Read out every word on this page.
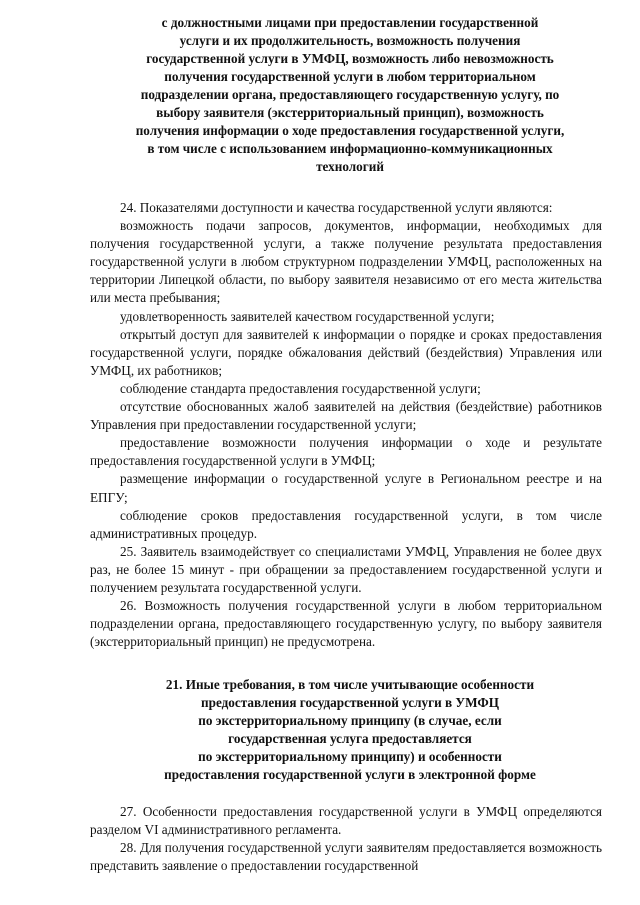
с должностными лицами при предоставлении государственной
услуги и их продолжительность, возможность получения
государственной услуги в УМФЦ, возможность либо невозможность
получения государственной услуги в любом территориальном
подразделении органа, предоставляющего государственную услугу, по
выбору заявителя (экстерриториальный принцип), возможность
получения информации о ходе предоставления государственной услуги,
в том числе с использованием информационно-коммуникационных
технологий

24. Показателями доступности и качества государственной услуги являются:

возможность подачи запросов, документов, информации, необходимых для получения государственной услуги, а также получение результата предоставления государственной услуги в любом структурном подразделении УМФЦ, расположенных на территории Липецкой области, по выбору заявителя независимо от его места жительства или места пребывания;

удовлетворенность заявителей качеством государственной услуги;

открытый доступ для заявителей к информации о порядке и сроках предоставления государственной услуги, порядке обжалования действий (бездействия) Управления или УМФЦ, их работников;

соблюдение стандарта предоставления государственной услуги;

отсутствие обоснованных жалоб заявителей на действия (бездействие) работников Управления при предоставлении государственной услуги;

предоставление возможности получения информации о ходе и результате предоставления государственной услуги в УМФЦ;

размещение информации о государственной услуге в Региональном реестре и на ЕПГУ;

соблюдение сроков предоставления государственной услуги, в том числе административных процедур.

25. Заявитель взаимодействует со специалистами УМФЦ, Управления не более двух раз, не более 15 минут - при обращении за предоставлением государственной услуги и получением результата государственной услуги.

26. Возможность получения государственной услуги в любом территориальном подразделении органа, предоставляющего государственную услугу, по выбору заявителя (экстерриториальный принцип) не предусмотрена.

21. Иные требования, в том числе учитывающие особенности
предоставления государственной услуги в УМФЦ
по экстерриториальному принципу (в случае, если
государственная услуга предоставляется
по экстерриториальному принципу) и особенности
предоставления государственной услуги в электронной форме

27. Особенности предоставления государственной услуги в УМФЦ определяются разделом VI административного регламента.

28. Для получения государственной услуги заявителям предоставляется возможность представить заявление о предоставлении государственной
